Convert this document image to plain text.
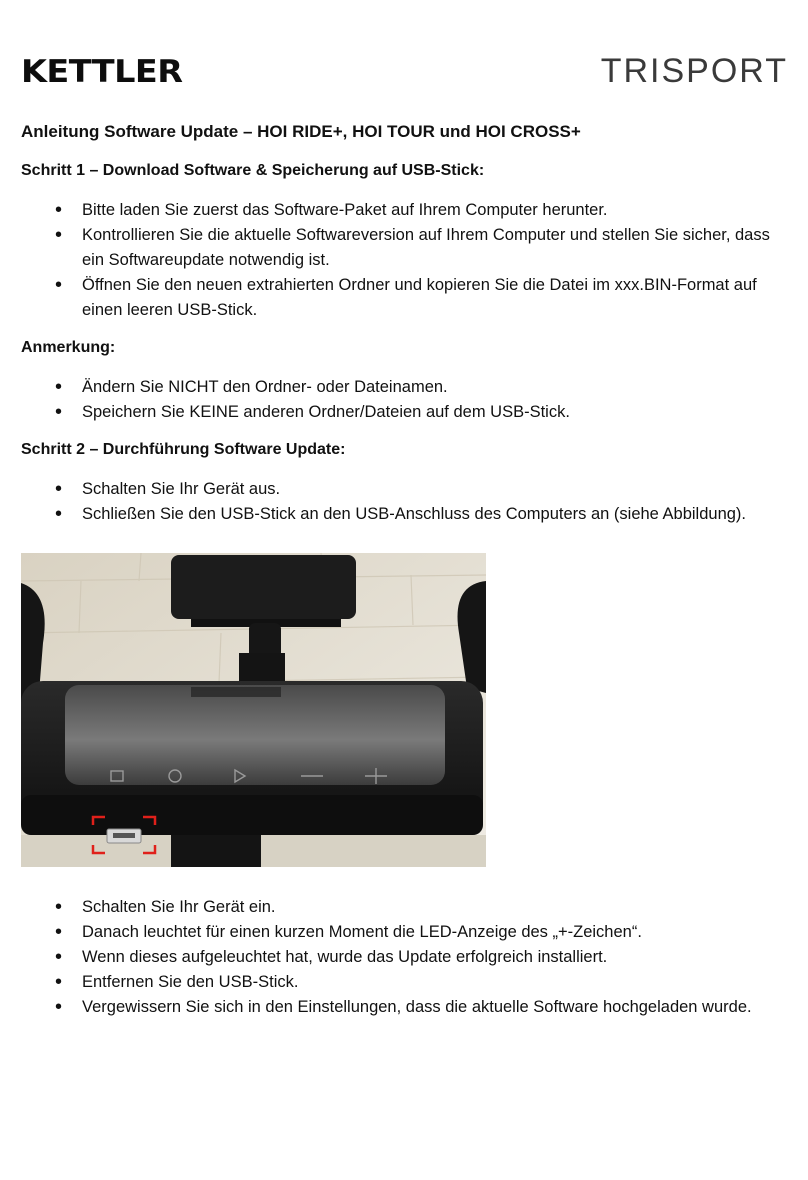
KETTLER	TRISPORT
Anleitung Software Update – HOI RIDE+, HOI TOUR und HOI CROSS+
Schritt 1 – Download Software & Speicherung auf USB-Stick:
• Bitte laden Sie zuerst das Software-Paket auf Ihrem Computer herunter.
• Kontrollieren Sie die aktuelle Softwareversion auf Ihrem Computer und stellen Sie sicher, dass ein Softwareupdate notwendig ist.
• Öffnen Sie den neuen extrahierten Ordner und kopieren Sie die Datei im xxx.BIN-Format auf einen leeren USB-Stick.
Anmerkung:
• Ändern Sie NICHT den Ordner- oder Dateinamen.
• Speichern Sie KEINE anderen Ordner/Dateien auf dem USB-Stick.
Schritt 2 – Durchführung Software Update:
• Schalten Sie Ihr Gerät aus.
• Schließen Sie den USB-Stick an den USB-Anschluss des Computers an (siehe Abbildung).
• Schalten Sie Ihr Gerät ein.
• Danach leuchtet für einen kurzen Moment die LED-Anzeige des „+-Zeichen“.
• Wenn dieses aufgeleuchtet hat, wurde das Update erfolgreich installiert.
• Entfernen Sie den USB-Stick.
• Vergewissern Sie sich in den Einstellungen, dass die aktuelle Software hochgeladen wurde.
